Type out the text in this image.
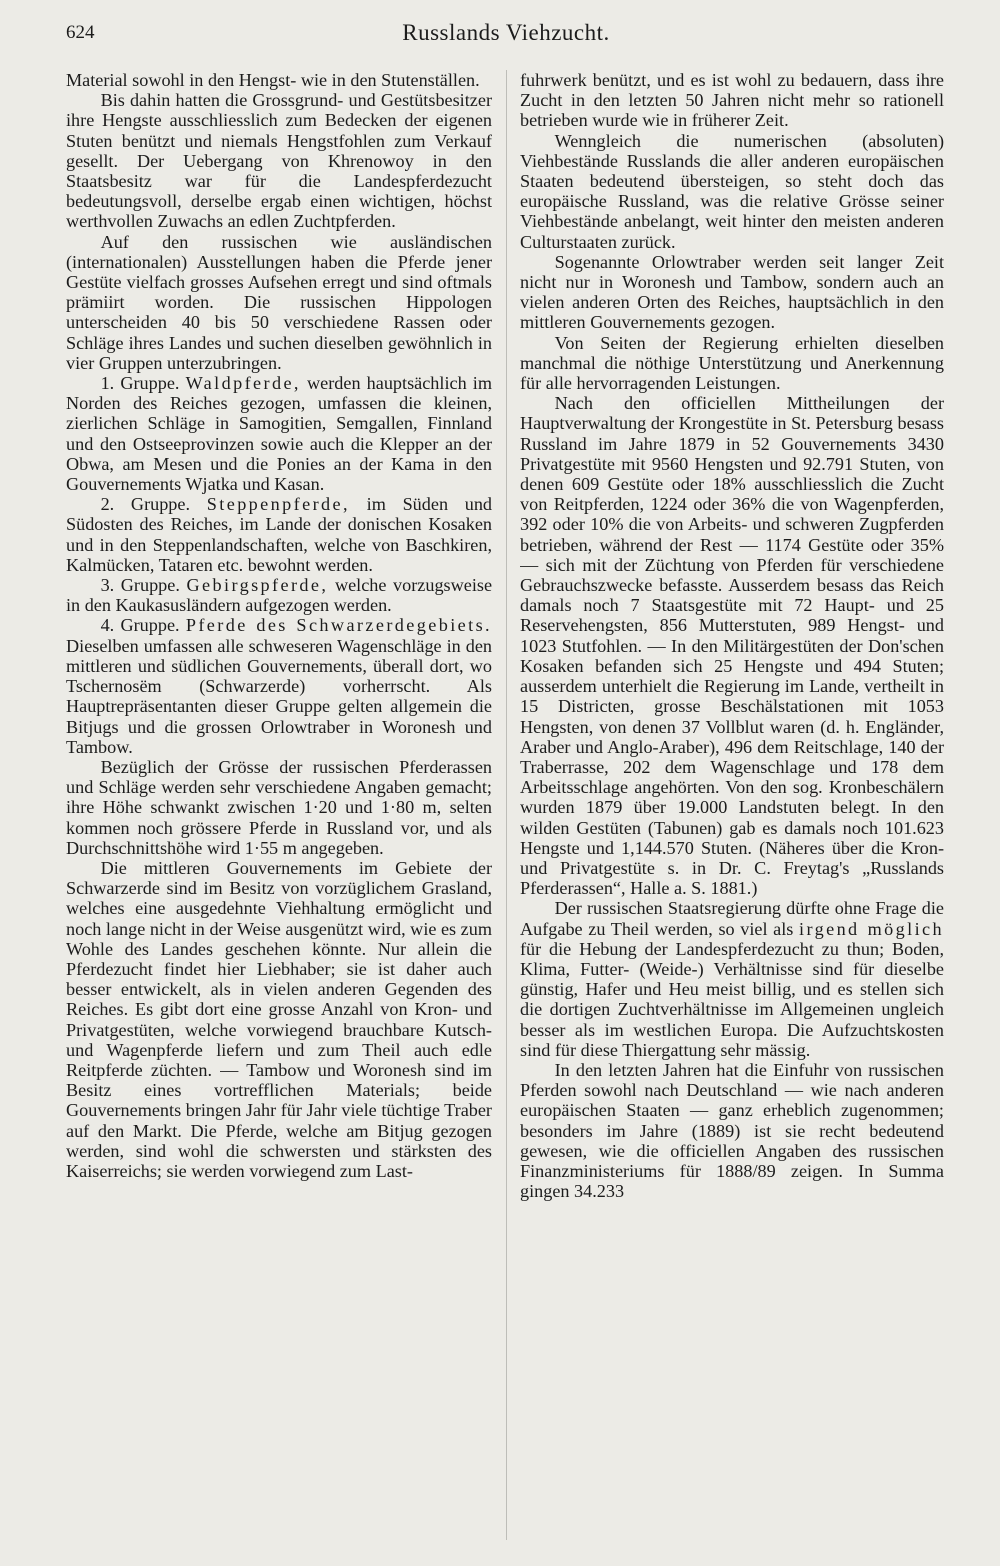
624	Russlands Viehzucht.

Material sowohl in den Hengst- wie in den Stutenställen.

Bis dahin hatten die Grossgrund- und Gestütsbesitzer ihre Hengste ausschliesslich zum Bedecken der eigenen Stuten benützt und niemals Hengstfohlen zum Verkauf gesellt. Der Uebergang von Khrenowoy in den Staatsbesitz war für die Landespferdezucht bedeutungsvoll, derselbe ergab einen wichtigen, höchst werthvollen Zuwachs an edlen Zuchtpferden.

Auf den russischen wie ausländischen (internationalen) Ausstellungen haben die Pferde jener Gestüte vielfach grosses Aufsehen erregt und sind oftmals prämiirt worden. Die russischen Hippologen unterscheiden 40 bis 50 verschiedene Rassen oder Schläge ihres Landes und suchen dieselben gewöhnlich in vier Gruppen unterzubringen.

1. Gruppe. Waldpferde, werden hauptsächlich im Norden des Reiches gezogen, umfassen die kleinen, zierlichen Schläge in Samogitien, Semgallen, Finnland und den Ostseeprovinzen sowie auch die Klepper an der Obwa, am Mesen und die Ponies an der Kama in den Gouvernements Wjatka und Kasan.

2. Gruppe. Steppenpferde, im Süden und Südosten des Reiches, im Lande der donischen Kosaken und in den Steppenlandschaften, welche von Baschkiren, Kalmücken, Tataren etc. bewohnt werden.

3. Gruppe. Gebirgspferde, welche vorzugsweise in den Kaukasusländern aufgezogen werden.

4. Gruppe. Pferde des Schwarzerdegebiets. Dieselben umfassen alle schweseren Wagenschläge in den mittleren und südlichen Gouvernements, überall dort, wo Tschernosëm (Schwarzerde) vorherrscht. Als Hauptrepräsentanten dieser Gruppe gelten allgemein die Bitjugs und die grossen Orlowtraber in Woronesh und Tambow.

Bezüglich der Grösse der russischen Pferderassen und Schläge werden sehr verschiedene Angaben gemacht; ihre Höhe schwankt zwischen 1·20 und 1·80 m, selten kommen noch grössere Pferde in Russland vor, und als Durchschnittshöhe wird 1·55 m angegeben.

Die mittleren Gouvernements im Gebiete der Schwarzerde sind im Besitz von vorzüglichem Grasland, welches eine ausgedehnte Viehhaltung ermöglicht und noch lange nicht in der Weise ausgenützt wird, wie es zum Wohle des Landes geschehen könnte. Nur allein die Pferdezucht findet hier Liebhaber; sie ist daher auch besser entwickelt, als in vielen anderen Gegenden des Reiches. Es gibt dort eine grosse Anzahl von Kron- und Privatgestüten, welche vorwiegend brauchbare Kutsch- und Wagenpferde liefern und zum Theil auch edle Reitpferde züchten. — Tambow und Woronesh sind im Besitz eines vortrefflichen Materials; beide Gouvernements bringen Jahr für Jahr viele tüchtige Traber auf den Markt. Die Pferde, welche am Bitjug gezogen werden, sind wohl die schwersten und stärksten des Kaiserreichs; sie werden vorwiegend zum Last-

fuhrwerk benützt, und es ist wohl zu bedauern, dass ihre Zucht in den letzten 50 Jahren nicht mehr so rationell betrieben wurde wie in früherer Zeit.

Wenngleich die numerischen (absoluten) Viehbestände Russlands die aller anderen europäischen Staaten bedeutend übersteigen, so steht doch das europäische Russland, was die relative Grösse seiner Viehbestände anbelangt, weit hinter den meisten anderen Culturstaaten zurück.

Sogenannte Orlowtraber werden seit langer Zeit nicht nur in Woronesh und Tambow, sondern auch an vielen anderen Orten des Reiches, hauptsächlich in den mittleren Gouvernements gezogen.

Von Seiten der Regierung erhielten dieselben manchmal die nöthige Unterstützung und Anerkennung für alle hervorragenden Leistungen.

Nach den officiellen Mittheilungen der Hauptverwaltung der Krongestüte in St. Petersburg besass Russland im Jahre 1879 in 52 Gouvernements 3430 Privatgestüte mit 9560 Hengsten und 92.791 Stuten, von denen 609 Gestüte oder 18% ausschliesslich die Zucht von Reitpferden, 1224 oder 36% die von Wagenpferden, 392 oder 10% die von Arbeits- und schweren Zugpferden betrieben, während der Rest — 1174 Gestüte oder 35% — sich mit der Züchtung von Pferden für verschiedene Gebrauchszwecke befasste. Ausserdem besass das Reich damals noch 7 Staatsgestüte mit 72 Haupt- und 25 Reservehengsten, 856 Mutterstuten, 989 Hengst- und 1023 Stutfohlen. — In den Militärgestüten der Don'schen Kosaken befanden sich 25 Hengste und 494 Stuten; ausserdem unterhielt die Regierung im Lande, vertheilt in 15 Districten, grosse Beschälstationen mit 1053 Hengsten, von denen 37 Vollblut waren (d. h. Engländer, Araber und Anglo-Araber), 496 dem Reitschlage, 140 der Traberrasse, 202 dem Wagenschlage und 178 dem Arbeitsschlage angehörten. Von den sog. Kronbeschälern wurden 1879 über 19.000 Landstuten belegt. In den wilden Gestüten (Tabunen) gab es damals noch 101.623 Hengste und 1,144.570 Stuten. (Näheres über die Kron- und Privatgestüte s. in Dr. C. Freytag's „Russlands Pferderassen“, Halle a. S. 1881.)

Der russischen Staatsregierung dürfte ohne Frage die Aufgabe zu Theil werden, so viel als irgend möglich für die Hebung der Landespferdezucht zu thun; Boden, Klima, Futter- (Weide-) Verhältnisse sind für dieselbe günstig, Hafer und Heu meist billig, und es stellen sich die dortigen Zuchtverhältnisse im Allgemeinen ungleich besser als im westlichen Europa. Die Aufzuchtskosten sind für diese Thiergattung sehr mässig.

In den letzten Jahren hat die Einfuhr von russischen Pferden sowohl nach Deutschland — wie nach anderen europäischen Staaten — ganz erheblich zugenommen; besonders im Jahre (1889) ist sie recht bedeutend gewesen, wie die officiellen Angaben des russischen Finanzministeriums für 1888/89 zeigen. In Summa gingen 34.233
